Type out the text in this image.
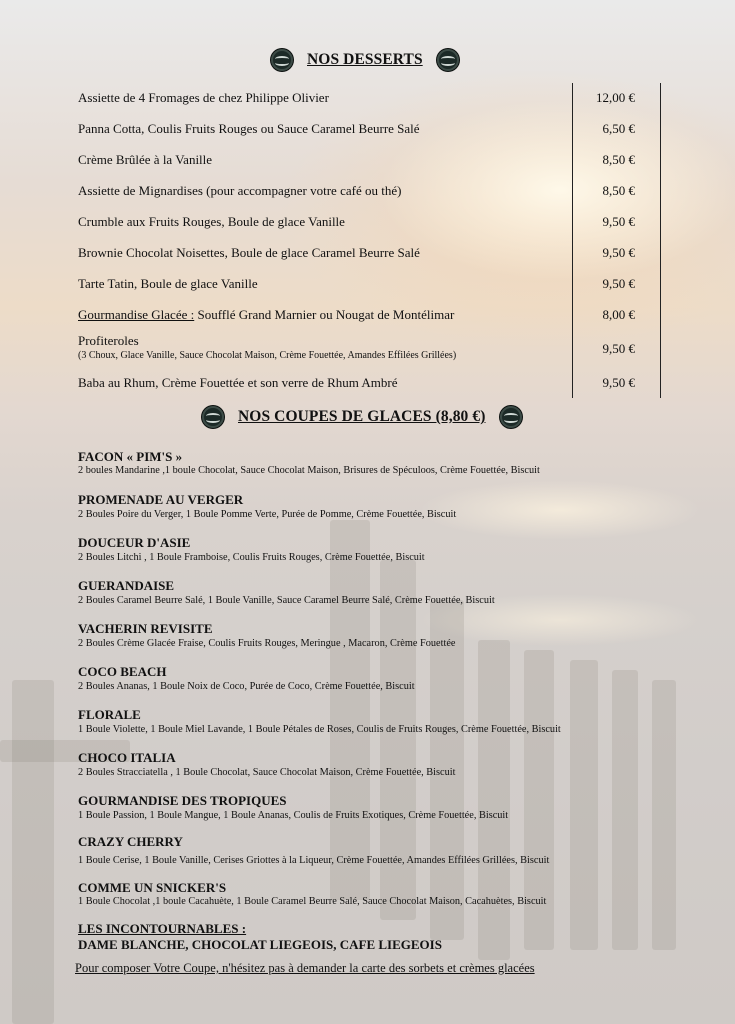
NOS DESSERTS
Assiette de 4 Fromages de chez Philippe Olivier	12,00 €
Panna Cotta, Coulis Fruits Rouges ou Sauce Caramel Beurre Salé	6,50 €
Crème Brûlée à la Vanille	8,50 €
Assiette de Mignardises (pour accompagner votre café ou thé)	8,50 €
Crumble aux Fruits Rouges, Boule de glace Vanille	9,50 €
Brownie Chocolat Noisettes, Boule de glace Caramel Beurre Salé	9,50 €
Tarte Tatin, Boule de glace Vanille	9,50 €
Gourmandise Glacée : Soufflé Grand Marnier ou Nougat de Montélimar	8,00 €
Profiteroles
(3 Choux, Glace Vanille, Sauce Chocolat Maison, Crème Fouettée, Amandes Effilées Grillées)	9,50 €
Baba au Rhum, Crème Fouettée et son verre de Rhum Ambré	9,50 €
NOS COUPES DE GLACES (8,80 €)
FACON « PIM'S »
2 boules Mandarine ,1 boule Chocolat, Sauce Chocolat Maison, Brisures de Spéculoos, Crème Fouettée, Biscuit
PROMENADE AU VERGER
2 Boules Poire du Verger, 1 Boule Pomme Verte, Purée de Pomme, Crème Fouettée, Biscuit
DOUCEUR D'ASIE
2 Boules Litchi , 1 Boule Framboise, Coulis Fruits Rouges, Crème Fouettée, Biscuit
GUERANDAISE
2 Boules Caramel Beurre Salé, 1 Boule Vanille, Sauce Caramel Beurre Salé, Crème Fouettée, Biscuit
VACHERIN REVISITE
2 Boules Crème Glacée Fraise, Coulis Fruits Rouges, Meringue , Macaron, Crème Fouettée
COCO BEACH
2 Boules Ananas, 1 Boule Noix de Coco, Purée de Coco, Crème Fouettée, Biscuit
FLORALE
1 Boule Violette, 1 Boule Miel Lavande, 1 Boule Pétales de Roses, Coulis de Fruits Rouges, Crème Fouettée, Biscuit
CHOCO ITALIA
2 Boules Stracciatella , 1 Boule Chocolat, Sauce Chocolat Maison, Crème Fouettée, Biscuit
GOURMANDISE DES TROPIQUES
1 Boule Passion, 1 Boule Mangue, 1 Boule Ananas, Coulis de Fruits Exotiques, Crème Fouettée, Biscuit
CRAZY CHERRY
1 Boule Cerise, 1 Boule Vanille, Cerises Griottes à la Liqueur, Crème Fouettée, Amandes Effilées Grillées, Biscuit
COMME UN SNICKER'S
1 Boule Chocolat ,1 boule Cacahuète, 1 Boule Caramel Beurre Salé, Sauce Chocolat Maison, Cacahuètes, Biscuit
LES INCONTOURNABLES :
DAME BLANCHE, CHOCOLAT LIEGEOIS, CAFE LIEGEOIS
Pour composer Votre Coupe, n'hésitez pas à demander la carte des sorbets et crèmes glacées
